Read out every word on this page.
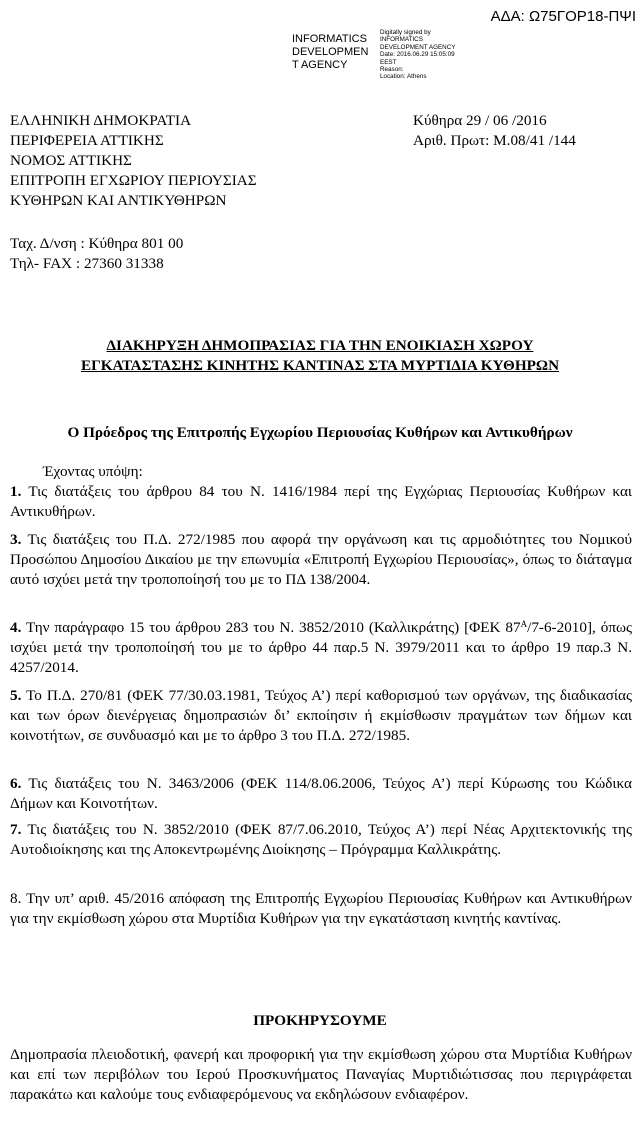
ΑΔΑ: Ω75ΓΟΡ18-ΠΨΙ
INFORMATICS
DEVELOPMEN
T AGENCY
Digitally signed by
INFORMATICS
DEVELOPMENT AGENCY
Date: 2016.06.29 15:05:09
EEST
Reason:
Location: Athens
ΕΛΛΗΝΙΚΗ ΔΗΜΟΚΡΑΤΙΑ
ΠΕΡΙΦΕΡΕΙΑ ΑΤΤΙΚΗΣ
ΝΟΜΟΣ ΑΤΤΙΚΗΣ
ΕΠΙΤΡΟΠΗ ΕΓΧΩΡΙΟΥ ΠΕΡΙΟΥΣΙΑΣ
ΚΥΘΗΡΩΝ ΚΑΙ ΑΝΤΙΚΥΘΗΡΩΝ
Κύθηρα 29 / 06 /2016
Αριθ. Πρωτ: Μ.08/41 /144
Ταχ. Δ/νση : Κύθηρα 801 00
Τηλ- FAX : 27360 31338
ΔΙΑΚΗΡΥΞΗ ΔΗΜΟΠΡΑΣΙΑΣ ΓΙΑ ΤΗΝ ΕΝΟΙΚΙΑΣΗ ΧΩΡΟΥ
ΕΓΚΑΤΑΣΤΑΣΗΣ ΚΙΝΗΤΗΣ ΚΑΝΤΙΝΑΣ ΣΤΑ ΜΥΡΤΙΔΙΑ ΚΥΘΗΡΩΝ
Ο Πρόεδρος της Επιτροπής Εγχωρίου Περιουσίας Κυθήρων και Αντικυθήρων
Έχοντας υπόψη:
1. Τις διατάξεις του άρθρου 84 του Ν. 1416/1984 περί της Εγχώριας Περιουσίας Κυθήρων και Αντικυθήρων.
3. Τις διατάξεις του Π.Δ. 272/1985 που αφορά την οργάνωση και τις αρμοδιότητες του Νομικού Προσώπου Δημοσίου Δικαίου με την επωνυμία «Επιτροπή Εγχωρίου Περιουσίας», όπως το διάταγμα αυτό ισχύει μετά την τροποποίησή του με το ΠΔ 138/2004.
4. Την παράγραφο 15 του άρθρου 283 του Ν. 3852/2010 (Καλλικράτης) [ΦΕΚ $87^A/7-6-2010$], όπως ισχύει μετά την τροποποίησή του με το άρθρο 44 παρ.5 Ν. 3979/2011 και το άρθρο 19 παρ.3 Ν. 4257/2014.
5. Το Π.Δ. 270/81 (ΦΕΚ 77/30.03.1981, Τεύχος Α’) περί καθορισμού των οργάνων, της διαδικασίας και των όρων διενέργειας δημοπρασιών δι’ εκποίησιν ή εκμίσθωσιν πραγμάτων των δήμων και κοινοτήτων, σε συνδυασμό και με το άρθρο 3 του Π.Δ. 272/1985.
6. Τις διατάξεις του Ν. 3463/2006 (ΦΕΚ 114/8.06.2006, Τεύχος Α’) περί Κύρωσης του Κώδικα Δήμων και Κοινοτήτων.
7. Τις διατάξεις του Ν. 3852/2010 (ΦΕΚ 87/7.06.2010, Τεύχος Α’) περί Νέας Αρχιτεκτονικής της Αυτοδιοίκησης και της Αποκεντρωμένης Διοίκησης – Πρόγραμμα Καλλικράτης.
8. Την υπ’ αριθ. 45/2016 απόφαση της Επιτροπής Εγχωρίου Περιουσίας Κυθήρων και Αντικυθήρων για την εκμίσθωση χώρου στα Μυρτίδια Κυθήρων για την εγκατάσταση κινητής καντίνας.
ΠΡΟΚΗΡΥΣΟΥΜΕ
Δημοπρασία πλειοδοτική, φανερή και προφορική για την εκμίσθωση χώρου στα Μυρτίδια Κυθήρων και επί των περιβόλων του Ιερού Προσκυνήματος Παναγίας Μυρτιδιώτισσας που περιγράφεται παρακάτω και καλούμε τους ενδιαφερόμενους να εκδηλώσουν ενδιαφέρον.
